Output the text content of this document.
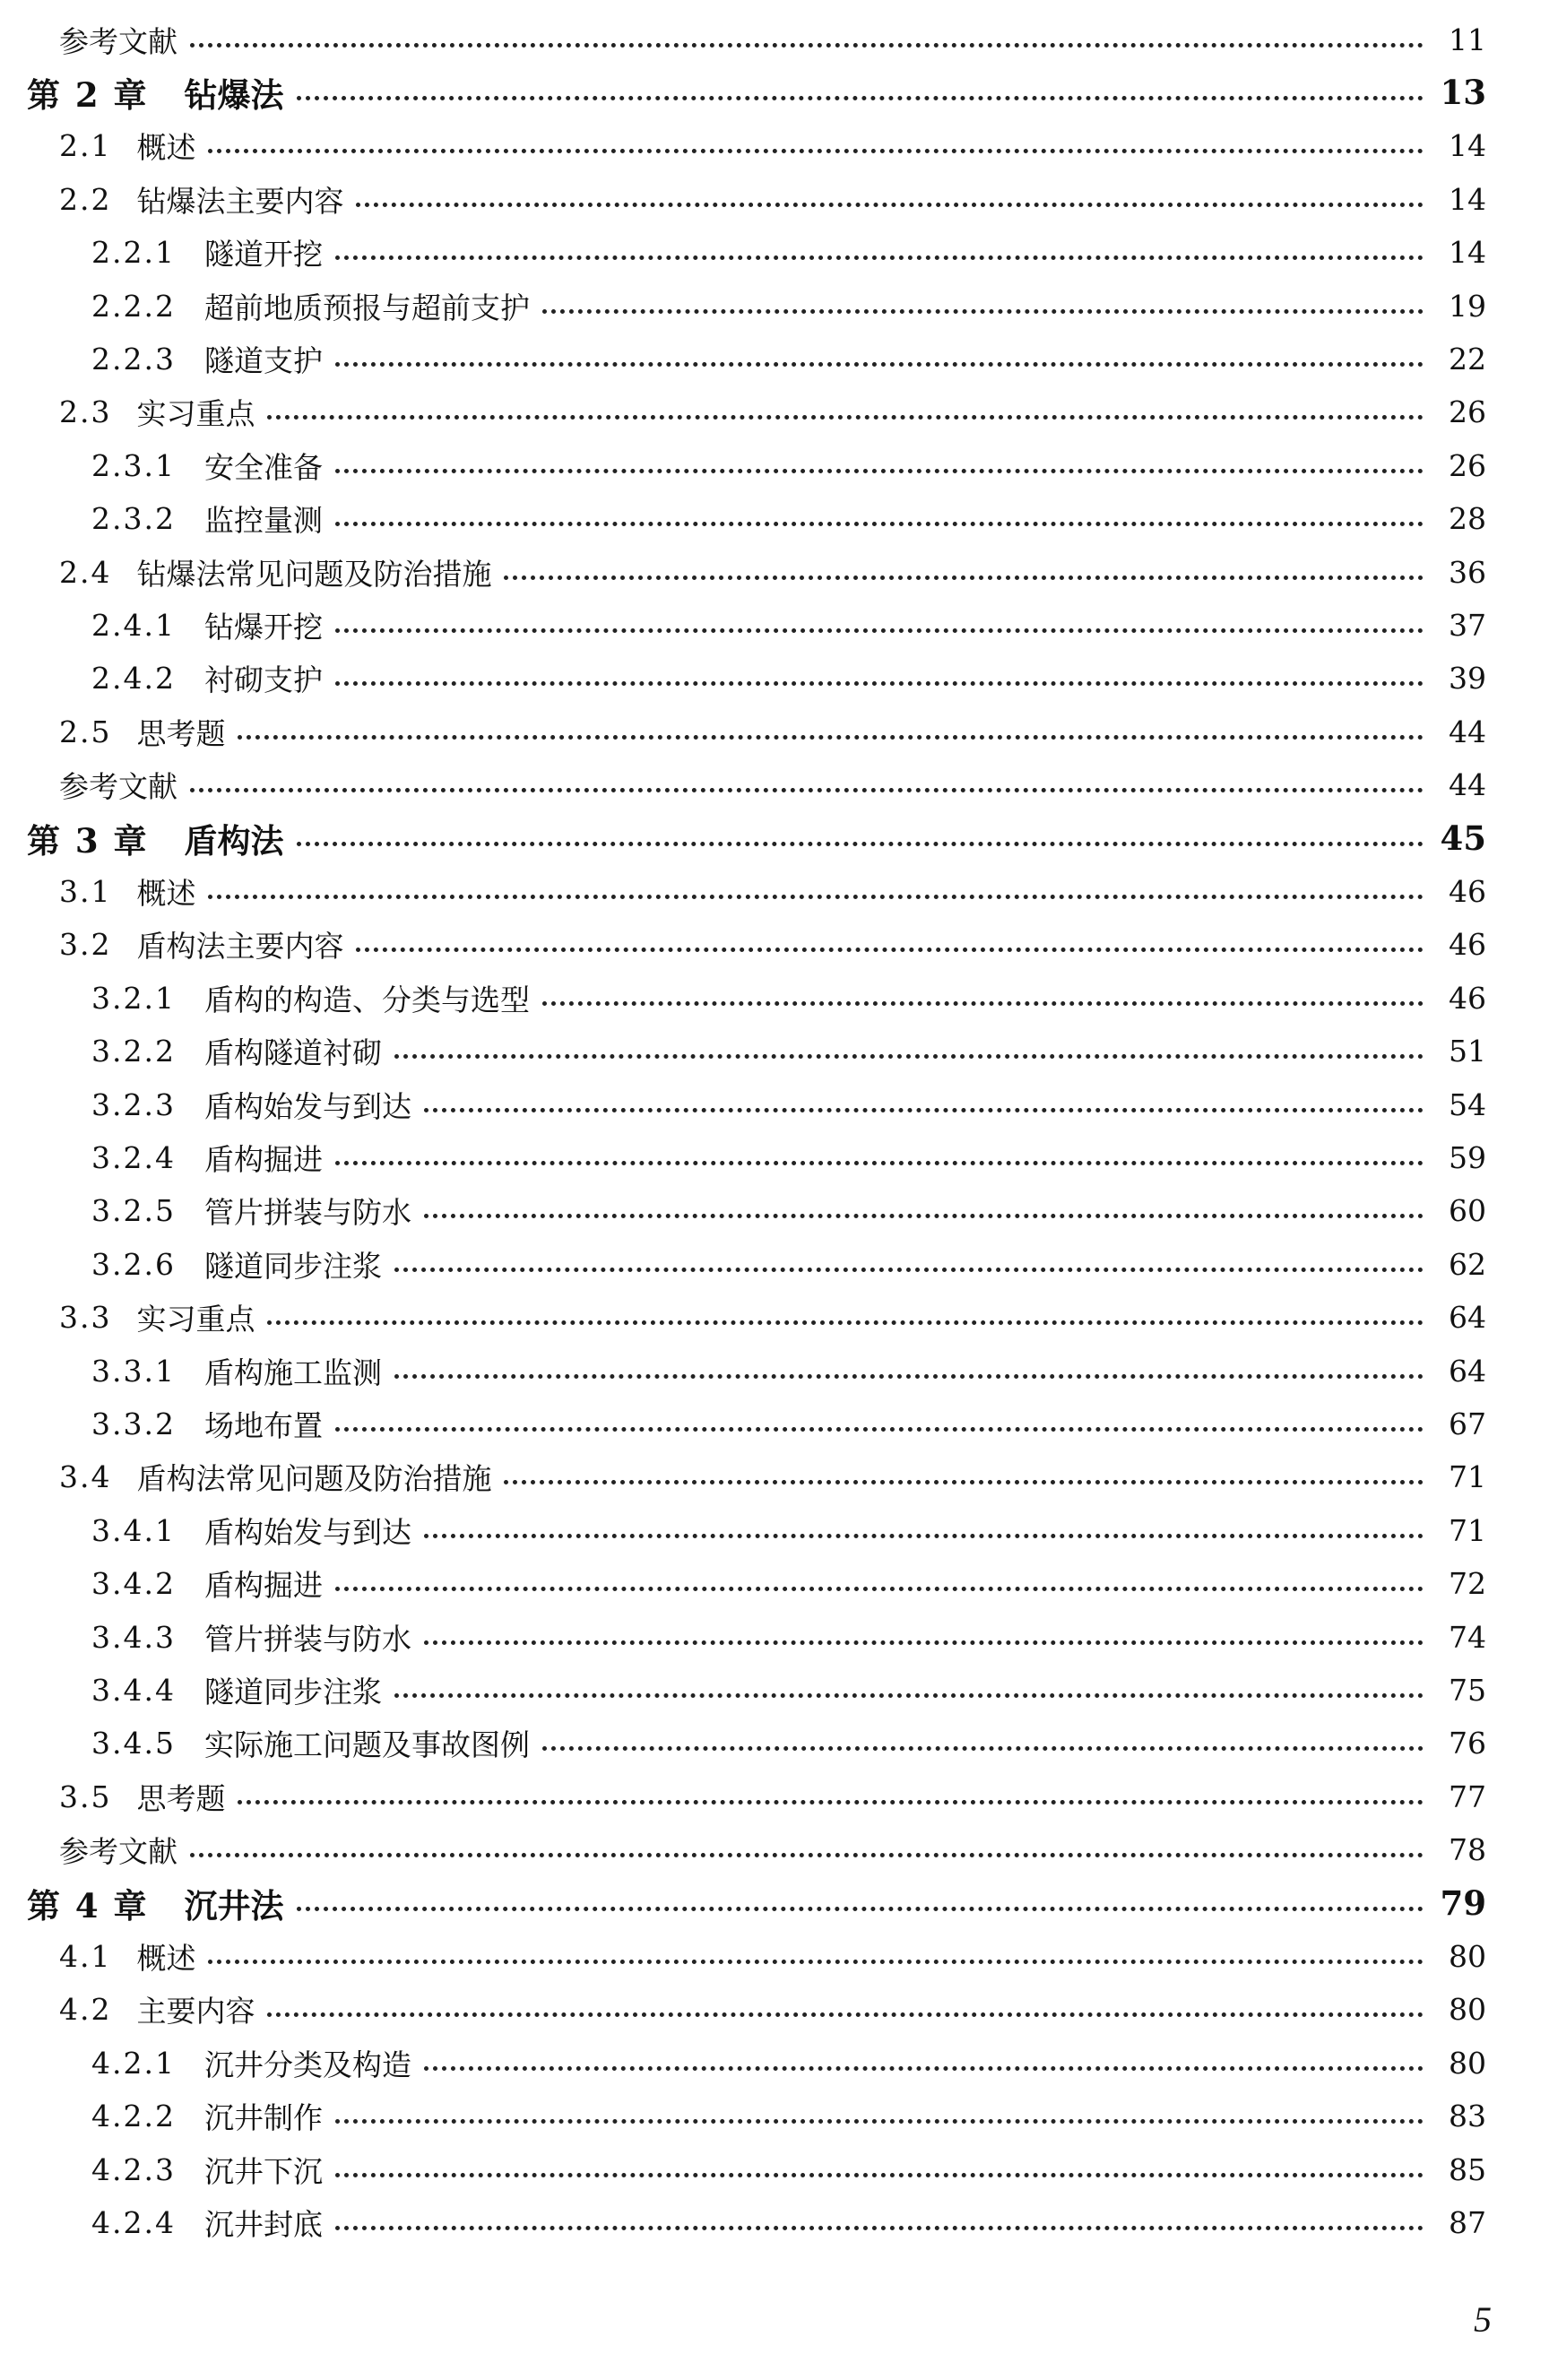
参考文献	11
第 2 章 钻爆法	13
2.1 概述	14
2.2 钻爆法主要内容	14
2.2.1 隧道开挖	14
2.2.2 超前地质预报与超前支护	19
2.2.3 隧道支护	22
2.3 实习重点	26
2.3.1 安全准备	26
2.3.2 监控量测	28
2.4 钻爆法常见问题及防治措施	36
2.4.1 钻爆开挖	37
2.4.2 衬砌支护	39
2.5 思考题	44
参考文献	44
第 3 章 盾构法	45
3.1 概述	46
3.2 盾构法主要内容	46
3.2.1 盾构的构造、分类与选型	46
3.2.2 盾构隧道衬砌	51
3.2.3 盾构始发与到达	54
3.2.4 盾构掘进	59
3.2.5 管片拼装与防水	60
3.2.6 隧道同步注浆	62
3.3 实习重点	64
3.3.1 盾构施工监测	64
3.3.2 场地布置	67
3.4 盾构法常见问题及防治措施	71
3.4.1 盾构始发与到达	71
3.4.2 盾构掘进	72
3.4.3 管片拼装与防水	74
3.4.4 隧道同步注浆	75
3.4.5 实际施工问题及事故图例	76
3.5 思考题	77
参考文献	78
第 4 章 沉井法	79
4.1 概述	80
4.2 主要内容	80
4.2.1 沉井分类及构造	80
4.2.2 沉井制作	83
4.2.3 沉井下沉	85
4.2.4 沉井封底	87
5
